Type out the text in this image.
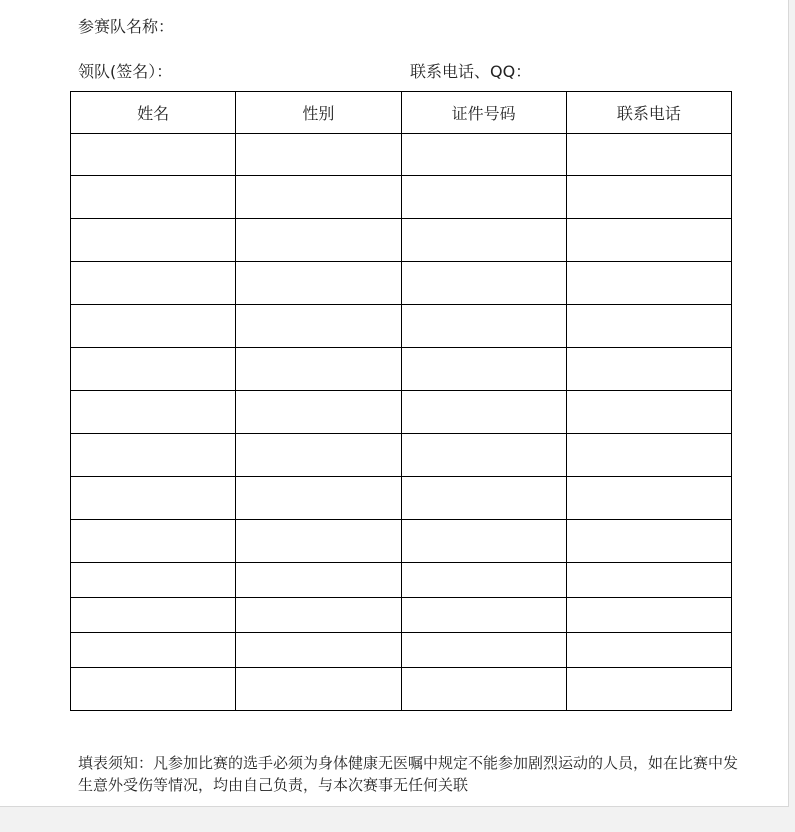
参赛队名称：
领队(签名）：	联系电话、QQ：
姓名	性别	证件号码	联系电话

填表须知：凡参加比赛的选手必须为身体健康无医嘱中规定不能参加剧烈运动的人员，如在比赛中发生意外受伤等情况，均由自己负责，与本次赛事无任何关联
